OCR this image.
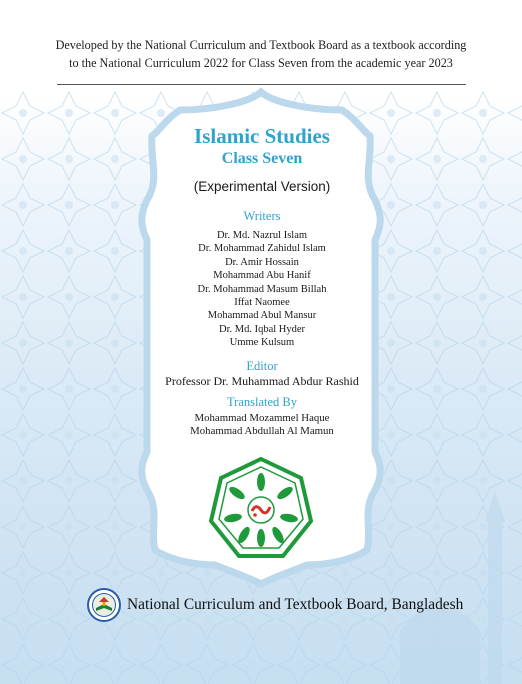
Developed by the National Curriculum and Textbook Board as a textbook according
to the National Curriculum 2022 for Class Seven from the academic year 2023
Islamic Studies
Class Seven
(Experimental Version)
Writers
Dr. Md. Nazrul Islam
Dr. Mohammad Zahidul Islam
Dr. Amir Hossain
Mohammad Abu Hanif
Dr. Mohammad Masum Billah
Iffat Naomee
Mohammad Abul Mansur
Dr. Md. Iqbal Hyder
Umme Kulsum
Editor
Professor Dr. Muhammad Abdur Rashid
Translated By
Mohammad Mozammel Haque
Mohammad Abdullah Al Mamun
National Curriculum and Textbook Board, Bangladesh
